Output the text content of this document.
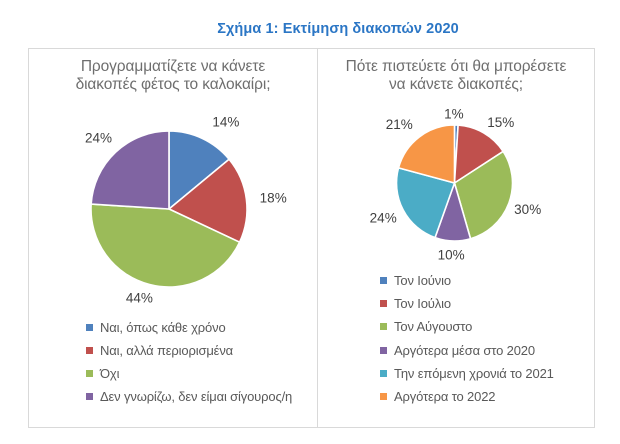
Σχήμα 1: Εκτίμηση διακοπών 2020
Προγραμματίζετε να κάνετε
διακοπές φέτος το καλοκαίρι;
14%
18%
44%
24%
Ναι, όπως κάθε χρόνο
Ναι, αλλά περιορισμένα
Όχι
Δεν γνωρίζω, δεν είμαι σίγουρος/η
Πότε πιστεύετε ότι θα μπορέσετε
να κάνετε διακοπές;
1%
15%
30%
10%
24%
21%
Τον Ιούνιο
Τον Ιούλιο
Τον Αύγουστο
Αργότερα μέσα στο 2020
Την επόμενη χρονιά το 2021
Αργότερα το 2022
